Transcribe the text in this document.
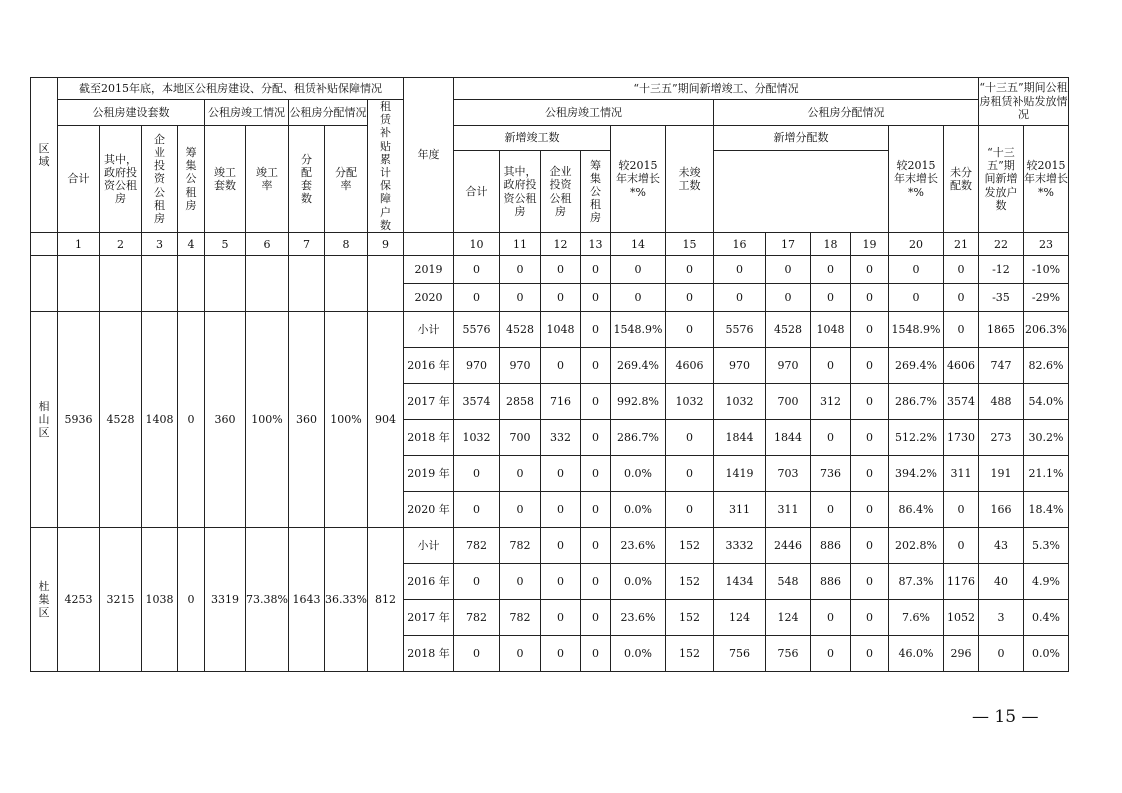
区域	截至2015年底，本地区公租房建设、分配、租赁补贴保障情况									年度	“十三五”期间新增竣工、分配情况												“十三五”期间公租房租赁补贴发放情况	
	公租房建设套数				公租房竣工情况		公租房分配情况		租赁补贴累计保障户数		公租房竣工情况						公租房分配情况							
	合计	其中，政府投资公租房	企业投资公租房	筹集公租房	竣工套数	竣工率	分配套数	分配率			新增竣工数				较2015年末增长*%	未竣工数	新增分配数				较2015年末增长*%	未分配数	“十三五”期间新增发放户数	较2015年末增长*%
											合计	其中，政府投资公租房	企业投资公租房	筹集公租房										
	1	2	3	4	5	6	7	8	9		10	11	12	13	14	15	16	17	18	19	20	21	22	23
										2019	0	0	0	0	0	0	0	0	0	0	0	0	-12	-10%
										2020	0	0	0	0	0	0	0	0	0	0	0	0	-35	-29%
相山区	5936	4528	1408	0	360	100%	360	100%	904	小计	5576	4528	1048	0	1548.9%	0	5576	4528	1048	0	1548.9%	0	1865	206.3%
										2016 年	970	970	0	0	269.4%	4606	970	970	0	0	269.4%	4606	747	82.6%
										2017 年	3574	2858	716	0	992.8%	1032	1032	700	312	0	286.7%	3574	488	54.0%
										2018 年	1032	700	332	0	286.7%	0	1844	1844	0	0	512.2%	1730	273	30.2%
										2019 年	0	0	0	0	0.0%	0	1419	703	736	0	394.2%	311	191	21.1%
										2020 年	0	0	0	0	0.0%	0	311	311	0	0	86.4%	0	166	18.4%
杜集区	4253	3215	1038	0	3319	73.38%	1643	36.33%	812	小计	782	782	0	0	23.6%	152	3332	2446	886	0	202.8%	0	43	5.3%
										2016 年	0	0	0	0	0.0%	152	1434	548	886	0	87.3%	1176	40	4.9%
										2017 年	782	782	0	0	23.6%	152	124	124	0	0	7.6%	1052	3	0.4%
										2018 年	0	0	0	0	0.0%	152	756	756	0	0	46.0%	296	0	0.0%
— 15 —
